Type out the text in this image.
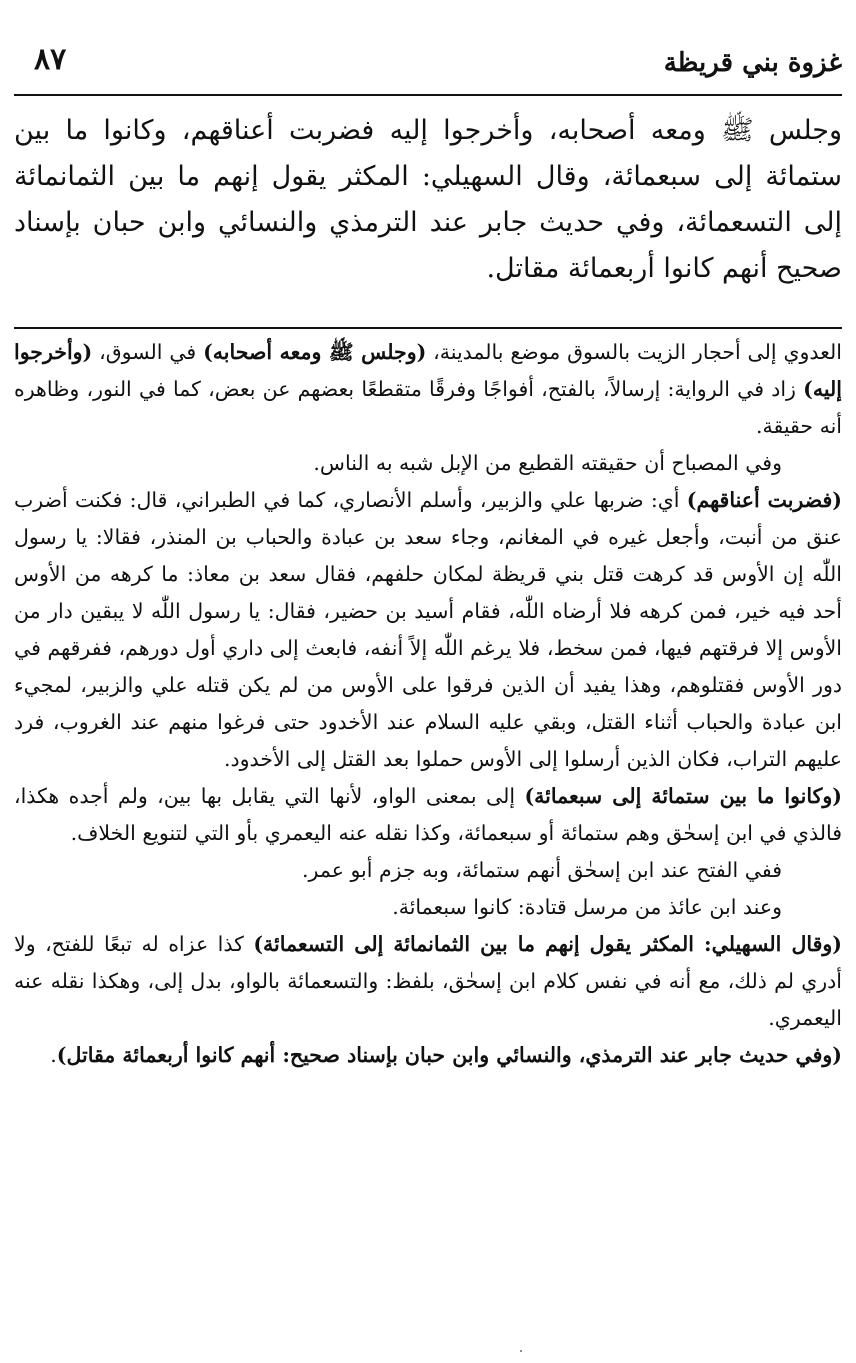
غزوة بني قريظة
٨٧
وجلس ﷺ ومعه أصحابه، وأخرجوا إليه فضربت أعناقهم، وكانوا ما بين ستمائة إلى سبعمائة، وقال السهيلي: المكثر يقول إنهم ما بين الثمانمائة إلى التسعمائة، وفي حديث جابر عند الترمذي والنسائي وابن حبان بإسناد صحيح أنهم كانوا أربعمائة مقاتل.

العدوي إلى أحجار الزيت بالسوق موضع بالمدينة، (وجلس ﷺ ومعه أصحابه) في السوق، (وأخرجوا إليه) زاد في الرواية: إرسالاً، بالفتح، أفواجًا وفرقًا متقطعًا بعضهم عن بعض، كما في النور، وظاهره أنه حقيقة.

وفي المصباح أن حقيقته القطيع من الإبل شبه به الناس.

(فضربت أعناقهم) أي: ضربها علي والزبير، وأسلم الأنصاري، كما في الطبراني، قال: فكنت أضرب عنق من أنبت، وأجعل غيره في المغانم، وجاء سعد بن عبادة والحباب بن المنذر، فقالا: يا رسول اللّٰه إن الأوس قد كرهت قتل بني قريظة لمكان حلفهم، فقال سعد بن معاذ: ما كرهه من الأوس أحد فيه خير، فمن كرهه فلا أرضاه اللّٰه، فقام أسيد بن حضير، فقال: يا رسول اللّٰه لا يبقين دار من الأوس إلا فرقتهم فيها، فمن سخط، فلا يرغم اللّٰه إلاً أنفه، فابعث إلى داري أول دورهم، ففرقهم في دور الأوس فقتلوهم، وهذا يفيد أن الذين فرقوا على الأوس من لم يكن قتله علي والزبير، لمجيء ابن عبادة والحباب أثناء القتل، وبقي عليه السلام عند الأخدود حتى فرغوا منهم عند الغروب، فرد عليهم التراب، فكان الذين أرسلوا إلى الأوس حملوا بعد القتل إلى الأخدود.

(وكانوا ما بين ستمائة إلى سبعمائة) إلى بمعنى الواو، لأنها التي يقابل بها بين، ولم أجده هكذا، فالذي في ابن إسحٰق وهم ستمائة أو سبعمائة، وكذا نقله عنه اليعمري بأو التي لتنويع الخلاف.

ففي الفتح عند ابن إسحٰق أنهم ستمائة، وبه جزم أبو عمر.

وعند ابن عائذ من مرسل قتادة: كانوا سبعمائة.

(وقال السهيلي: المكثر يقول إنهم ما بين الثمانمائة إلى التسعمائة) كذا عزاه له تبعًا للفتح، ولا أدري لم ذلك، مع أنه في نفس كلام ابن إسحٰق، بلفظ: والتسعمائة بالواو، بدل إلى، وهكذا نقله عنه اليعمري.

(وفي حديث جابر عند الترمذي، والنسائي وابن حبان بإسناد صحيح: أنهم كانوا أربعمائة مقاتل).
